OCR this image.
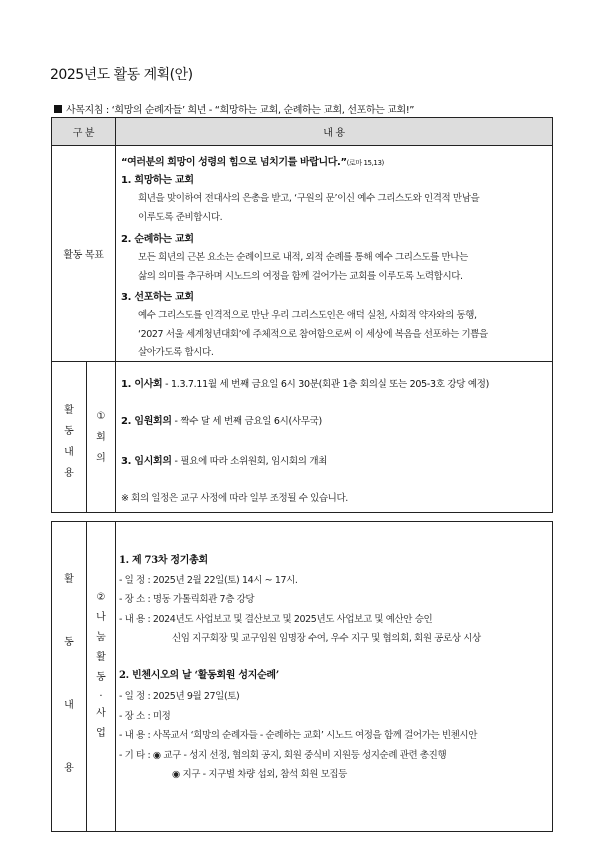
2025년도 활동 계획(안)
사목지침 : ‘희망의 순례자들’ 희년 - “희망하는 교회, 순례하는 교회, 선포하는 교회!”
구 분	내 용
활동 목표
“여러분의 희망이 성령의 힘으로 넘치기를 바랍니다.”(로마 15,13)
1. 희망하는 교회
희년을 맞이하여 전대사의 은총을 받고, ‘구원의 문’이신 예수 그리스도와 인격적 만남을
이루도록 준비합시다.
2. 순례하는 교회
모든 희년의 근본 요소는 순례이므로 내적, 외적 순례를 통해 예수 그리스도를 만나는
삶의 의미를 추구하며 시노드의 여정을 함께 걸어가는 교회를 이루도록 노력합시다.
3. 선포하는 교회
예수 그리스도를 인격적으로 만난 우리 그리스도인은 애덕 실천, 사회적 약자와의 동행,
‘2027 서울 세계청년대회’에 주체적으로 참여함으로써 이 세상에 복음을 선포하는 기쁨을
살아가도록 합시다.
활
동
내
용
①
회
의
1. 이사회 - 1.3.7.11월 세 번째 금요일 6시 30분(회관 1층 회의실 또는 205-3호 강당 예정)
2. 임원회의 - 짝수 달 세 번째 금요일 6시(사무국)
3. 임시회의 - 필요에 따라 소위원회, 임시회의 개최
※ 회의 일정은 교구 사정에 따라 일부 조정될 수 있습니다.
활
동
내
용
②
나
눔
활
동
.
사
업
1. 제 73차 정기총회
- 일 정 : 2025년 2월 22일(토) 14시 ~ 17시.
- 장 소 : 명동 가톨릭회관 7층 강당
- 내 용 : 2024년도 사업보고 및 결산보고 및 2025년도 사업보고 및 예산안 승인
신임 지구회장 및 교구임원 임명장 수여, 우수 지구 및 협의회, 회원 공로상 시상
2. 빈첸시오의 날 ‘활동회원 성지순례’
- 일 정 : 2025년 9월 27일(토)
- 장 소 : 미정
- 내 용 : 사목교서 ‘희망의 순례자들 - 순례하는 교회’ 시노드 여정을 함께 걸어가는 빈첸시안
- 기 타 : ◉ 교구 - 성지 선정, 협의회 공지, 회원 중식비 지원등 성지순례 관련 총진행
◉ 지구 - 지구별 차량 섭외, 참석 회원 모집등
